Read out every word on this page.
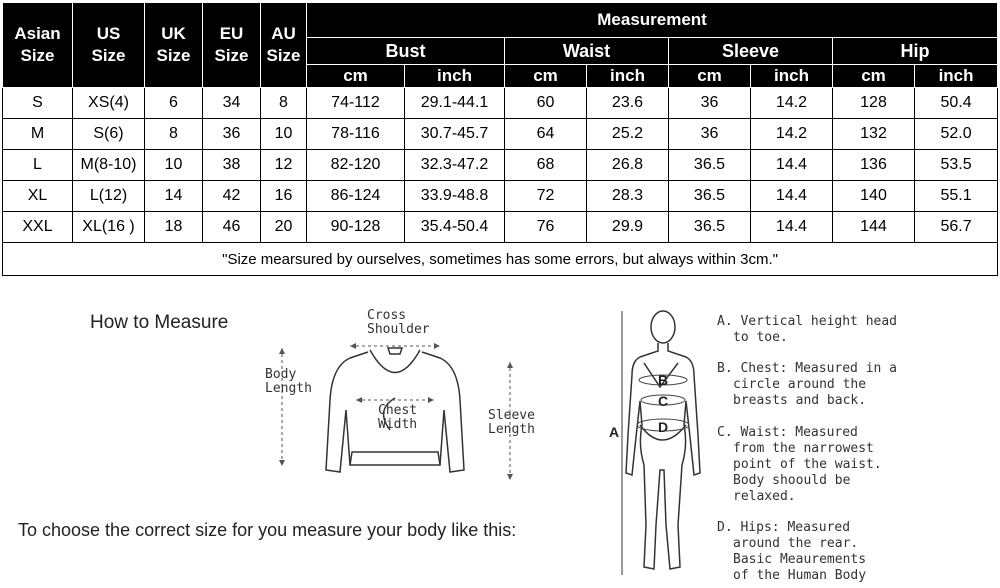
Asian Size	US Size	UK Size	EU Size	AU Size	Measurement							
					Bust		Waist		Sleeve		Hip	
					cm	inch	cm	inch	cm	inch	cm	inch
S	XS(4)	6	34	8	74-112	29.1-44.1	60	23.6	36	14.2	128	50.4
M	S(6)	8	36	10	78-116	30.7-45.7	64	25.2	36	14.2	132	52.0
L	M(8-10)	10	38	12	82-120	32.3-47.2	68	26.8	36.5	14.4	136	53.5
XL	L(12)	14	42	16	86-124	33.9-48.8	72	28.3	36.5	14.4	140	55.1
XXL	XL(16 )	18	46	20	90-128	35.4-50.4	76	29.9	36.5	14.4	144	56.7
"Size mearsured by ourselves, sometimes has some errors, but always within 3cm."												
How to Measure	Cross
Shoulder
Body
Length
Chest
Width
Sleeve
Length
To choose the correct size for you measure your body like this:
A
B
C
D
A. Vertical height head
to toe.
B. Chest: Measured in a
circle around the
breasts and back.
C. Waist: Measured
from the narrowest
point of the waist.
Body shoould be
relaxed.
D. Hips: Measured
around the rear.
Basic Meaurements
of the Human Body
